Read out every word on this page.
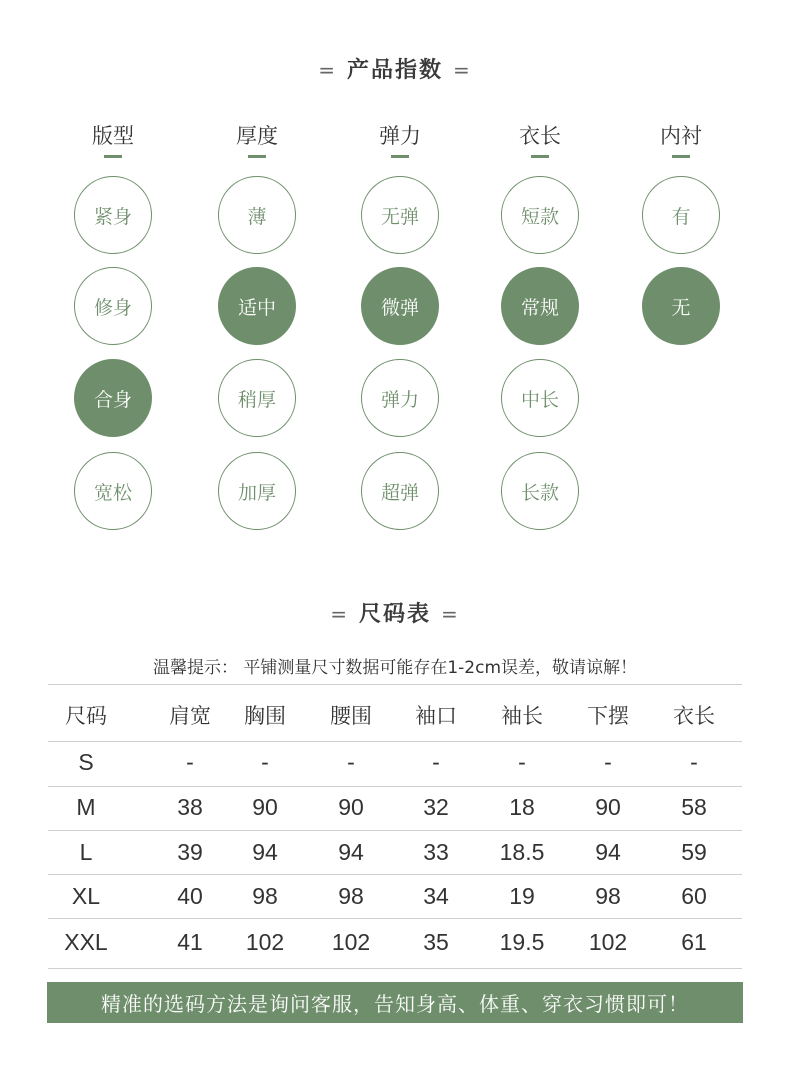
= 产品指数 =
版型
紧身
修身
合身
宽松
厚度
薄
适中
稍厚
加厚
弹力
无弹
微弹
弹力
超弹
衣长
短款
常规
中长
长款
内衬
有
无
= 尺码表 =
温馨提示： 平铺测量尺寸数据可能存在1-2cm误差，敬请谅解！
尺码	肩宽	胸围	腰围	袖口	袖长	下摆	衣长
S	-	-	-	-	-	-	-
M	38	90	90	32	18	90	58
L	39	94	94	33	18.5	94	59
XL	40	98	98	34	19	98	60
XXL	41	102	102	35	19.5	102	61
精准的选码方法是询问客服，告知身高、体重、穿衣习惯即可！
